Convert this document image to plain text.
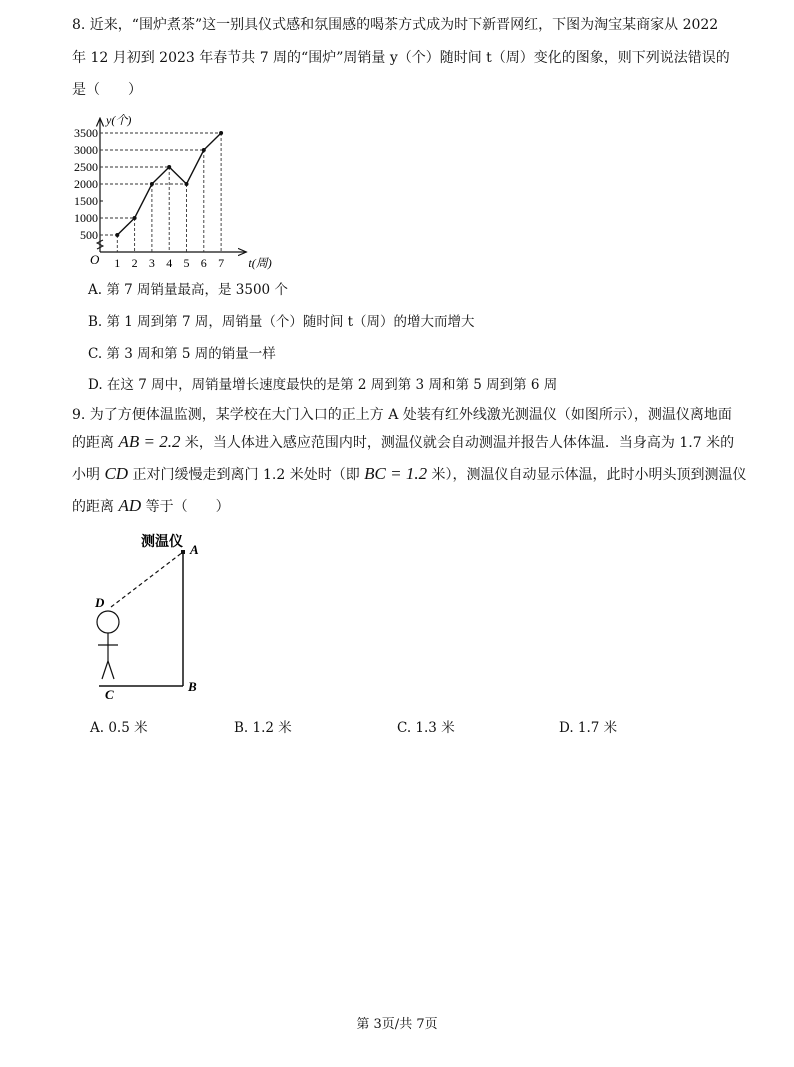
8. 近来，“围炉煮茶”这一别具仪式感和氛围感的喝茶方式成为时下新晋网红，下图为淘宝某商家从 2022
年 12 月初到 2023 年春节共 7 周的“围炉”周销量 y（个）随时间 t（周）变化的图象，则下列说法错误的
是（　　）
500
1000
1500
2000
2500
3000
3500
1 2 3 4 5 6 7
O	t(周)
y(个)
A. 第 7 周销量最高，是 3500 个
B. 第 1 周到第 7 周，周销量（个）随时间 t（周）的增大而增大
C. 第 3 周和第 5 周的销量一样
D. 在这 7 周中，周销量增长速度最快的是第 2 周到第 3 周和第 5 周到第 6 周
9. 为了方便体温监测，某学校在大门入口的正上方 A 处装有红外线激光测温仪（如图所示），测温仪离地面
的距离 AB = 2.2 米，当人体进入感应范围内时，测温仪就会自动测温并报告人体体温．当身高为 1.7 米的
小明 CD 正对门缓慢走到离门 1.2 米处时（即 BC = 1.2 米），测温仪自动显示体温，此时小明头顶到测温仪
的距离 AD 等于（　　）
测温仪 A
B
C
D
A. 0.5 米	B. 1.2 米	C. 1.3 米	D. 1.7 米
第 3页/共 7页
